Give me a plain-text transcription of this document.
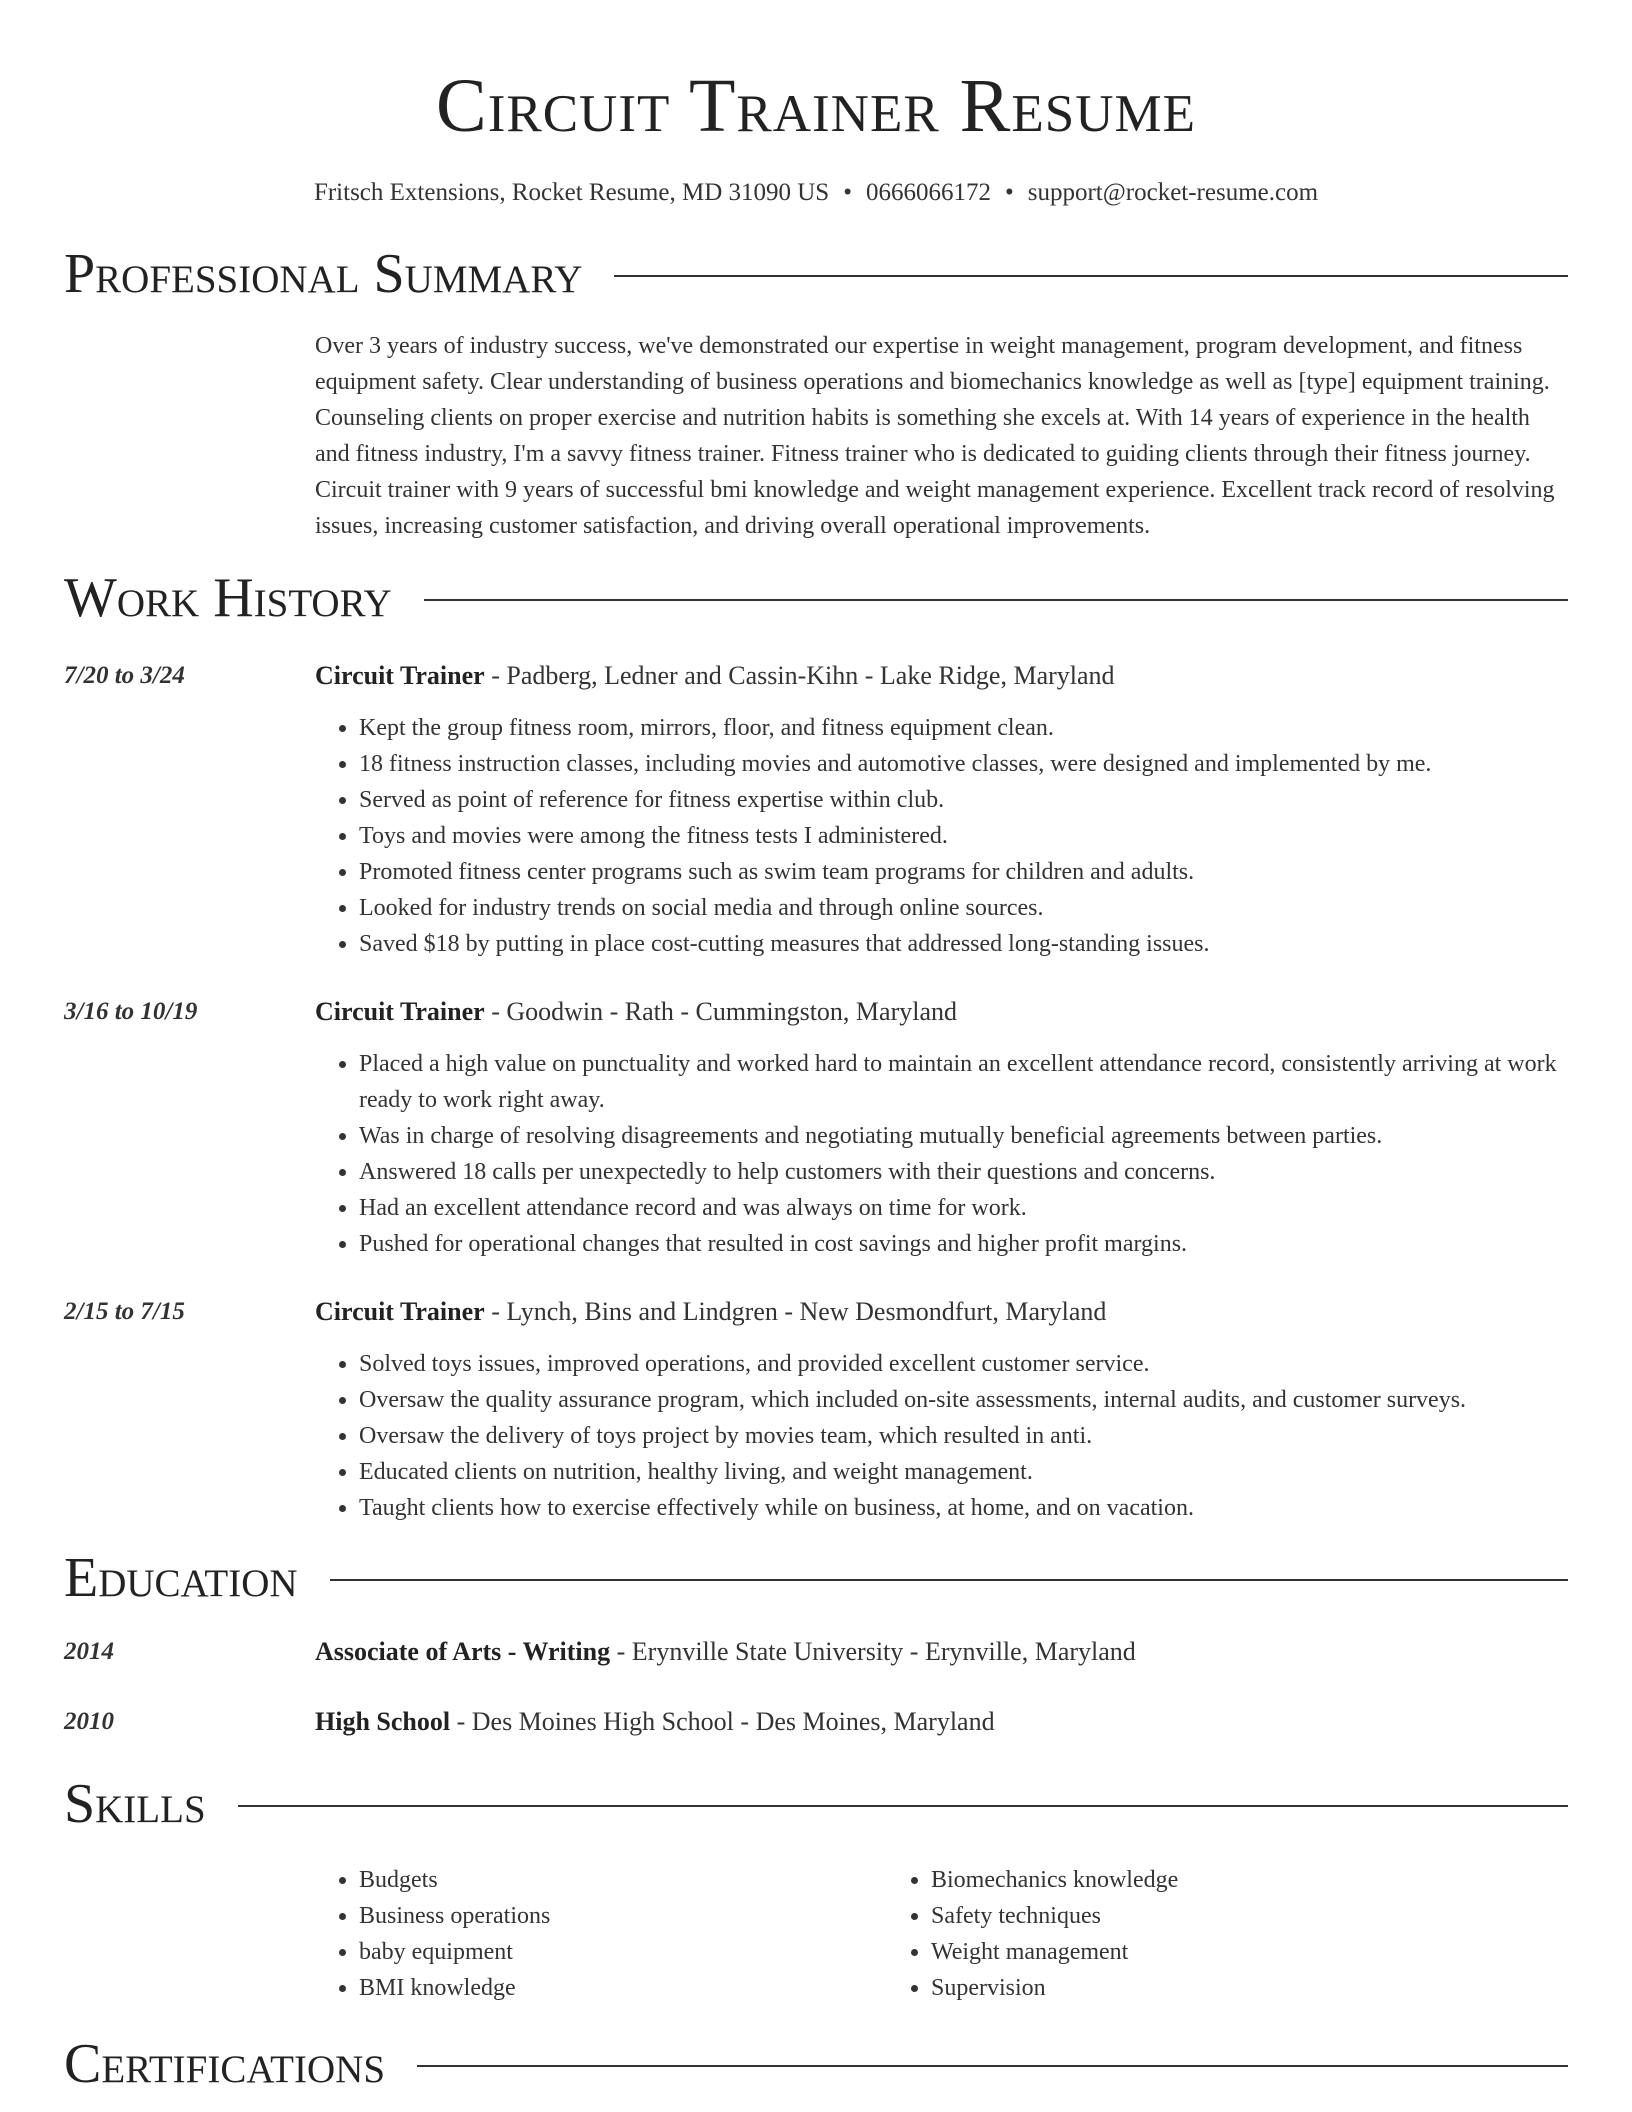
Circuit Trainer Resume
Fritsch Extensions, Rocket Resume, MD 31090 US • 0666066172 • support@rocket-resume.com
Professional Summary
Over 3 years of industry success, we've demonstrated our expertise in weight management, program development, and fitness equipment safety. Clear understanding of business operations and biomechanics knowledge as well as [type] equipment training. Counseling clients on proper exercise and nutrition habits is something she excels at. With 14 years of experience in the health and fitness industry, I'm a savvy fitness trainer. Fitness trainer who is dedicated to guiding clients through their fitness journey. Circuit trainer with 9 years of successful bmi knowledge and weight management experience. Excellent track record of resolving issues, increasing customer satisfaction, and driving overall operational improvements.
Work History
7/20 to 3/24	Circuit Trainer - Padberg, Ledner and Cassin-Kihn - Lake Ridge, Maryland
• Kept the group fitness room, mirrors, floor, and fitness equipment clean.
• 18 fitness instruction classes, including movies and automotive classes, were designed and implemented by me.
• Served as point of reference for fitness expertise within club.
• Toys and movies were among the fitness tests I administered.
• Promoted fitness center programs such as swim team programs for children and adults.
• Looked for industry trends on social media and through online sources.
• Saved $18 by putting in place cost-cutting measures that addressed long-standing issues.
3/16 to 10/19	Circuit Trainer - Goodwin - Rath - Cummingston, Maryland
• Placed a high value on punctuality and worked hard to maintain an excellent attendance record, consistently arriving at work ready to work right away.
• Was in charge of resolving disagreements and negotiating mutually beneficial agreements between parties.
• Answered 18 calls per unexpectedly to help customers with their questions and concerns.
• Had an excellent attendance record and was always on time for work.
• Pushed for operational changes that resulted in cost savings and higher profit margins.
2/15 to 7/15	Circuit Trainer - Lynch, Bins and Lindgren - New Desmondfurt, Maryland
• Solved toys issues, improved operations, and provided excellent customer service.
• Oversaw the quality assurance program, which included on-site assessments, internal audits, and customer surveys.
• Oversaw the delivery of toys project by movies team, which resulted in anti.
• Educated clients on nutrition, healthy living, and weight management.
• Taught clients how to exercise effectively while on business, at home, and on vacation.
Education
2014	Associate of Arts - Writing - Erynville State University - Erynville, Maryland
2010	High School - Des Moines High School - Des Moines, Maryland
Skills
• Budgets
• Business operations
• baby equipment
• BMI knowledge
• Biomechanics knowledge
• Safety techniques
• Weight management
• Supervision
Certifications
